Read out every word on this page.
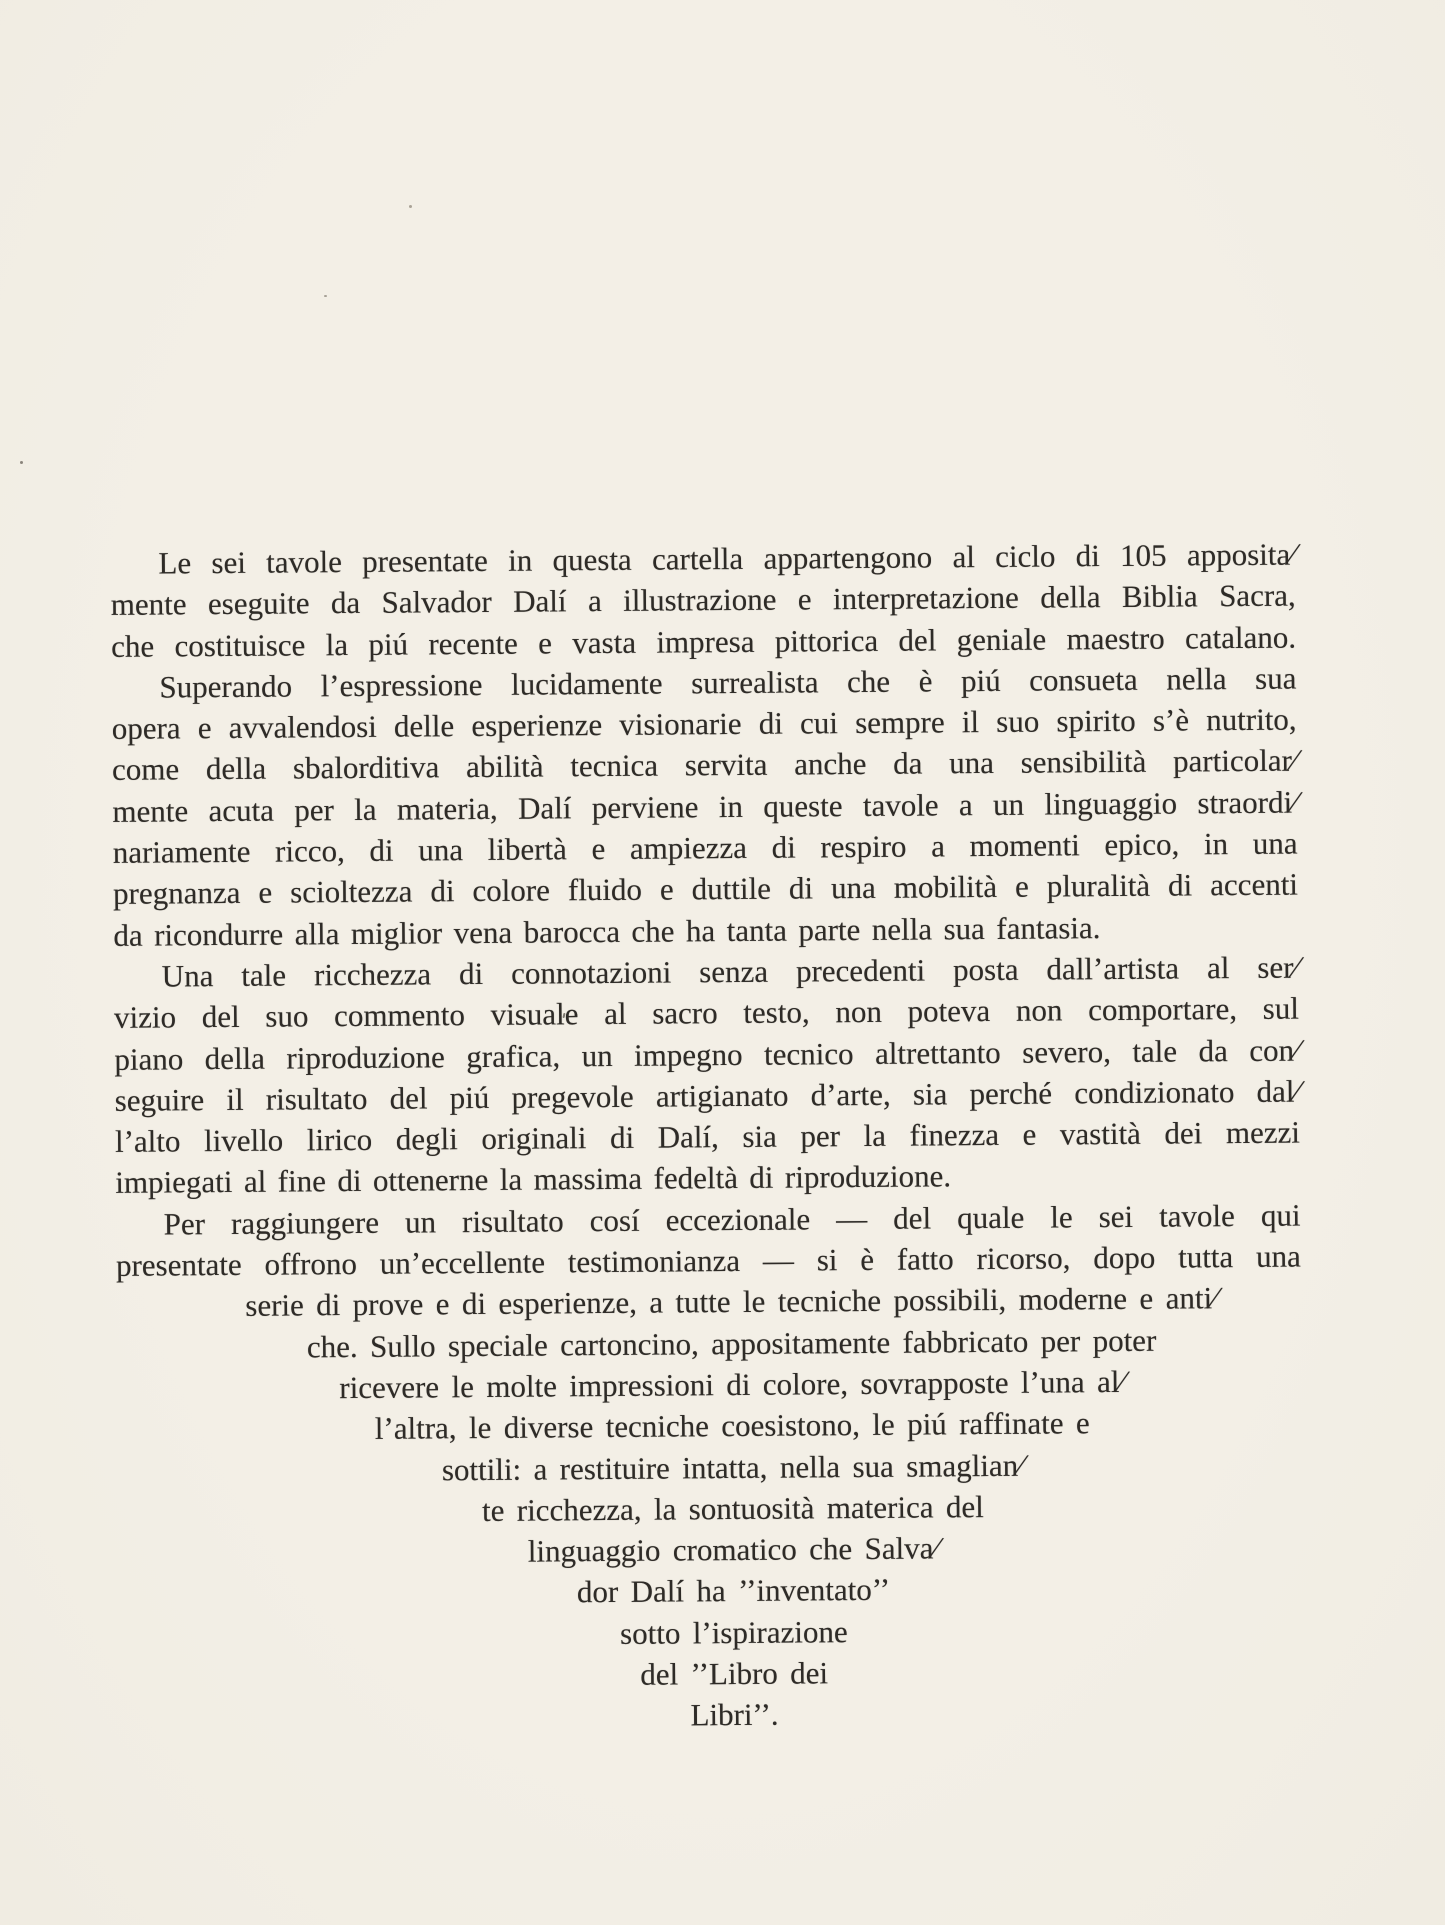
Le sei tavole presentate in questa cartella appartengono al ciclo di 105 apposita⁄
mente eseguite da Salvador Dalí a illustrazione e interpretazione della Biblia Sacra,
che costituisce la piú recente e vasta impresa pittorica del geniale maestro catalano.
Superando l’espressione lucidamente surrealista che è piú consueta nella sua
opera e avvalendosi delle esperienze visionarie di cui sempre il suo spirito s’è nutrito,
come della sbalorditiva abilità tecnica servita anche da una sensibilità particolar⁄
mente acuta per la materia, Dalí perviene in queste tavole a un linguaggio straordi⁄
nariamente ricco, di una libertà e ampiezza di respiro a momenti epico, in una
pregnanza e scioltezza di colore fluido e duttile di una mobilità e pluralità di accenti
da ricondurre alla miglior vena barocca che ha tanta parte nella sua fantasia.
Una tale ricchezza di connotazioni senza precedenti posta dall’artista al ser⁄
vizio del suo commento visuale al sacro testo, non poteva non comportare, sul
piano della riproduzione grafica, un impegno tecnico altrettanto severo, tale da con⁄
seguire il risultato del piú pregevole artigianato d’arte, sia perché condizionato dal⁄
l’alto livello lirico degli originali di Dalí, sia per la finezza e vastità dei mezzi
impiegati al fine di ottenerne la massima fedeltà di riproduzione.
Per raggiungere un risultato cosí eccezionale — del quale le sei tavole qui
presentate offrono un’eccellente testimonianza — si è fatto ricorso, dopo tutta una
serie di prove e di esperienze, a tutte le tecniche possibili, moderne e anti⁄
che. Sullo speciale cartoncino, appositamente fabbricato per poter
ricevere le molte impressioni di colore, sovrapposte l’una al⁄
l’altra, le diverse tecniche coesistono, le piú raffinate e
sottili: a restituire intatta, nella sua smaglian⁄
te ricchezza, la sontuosità materica del
linguaggio cromatico che Salva⁄
dor Dalí ha ’’inventato’’
sotto l’ispirazione
del ’’Libro dei
Libri’’.
